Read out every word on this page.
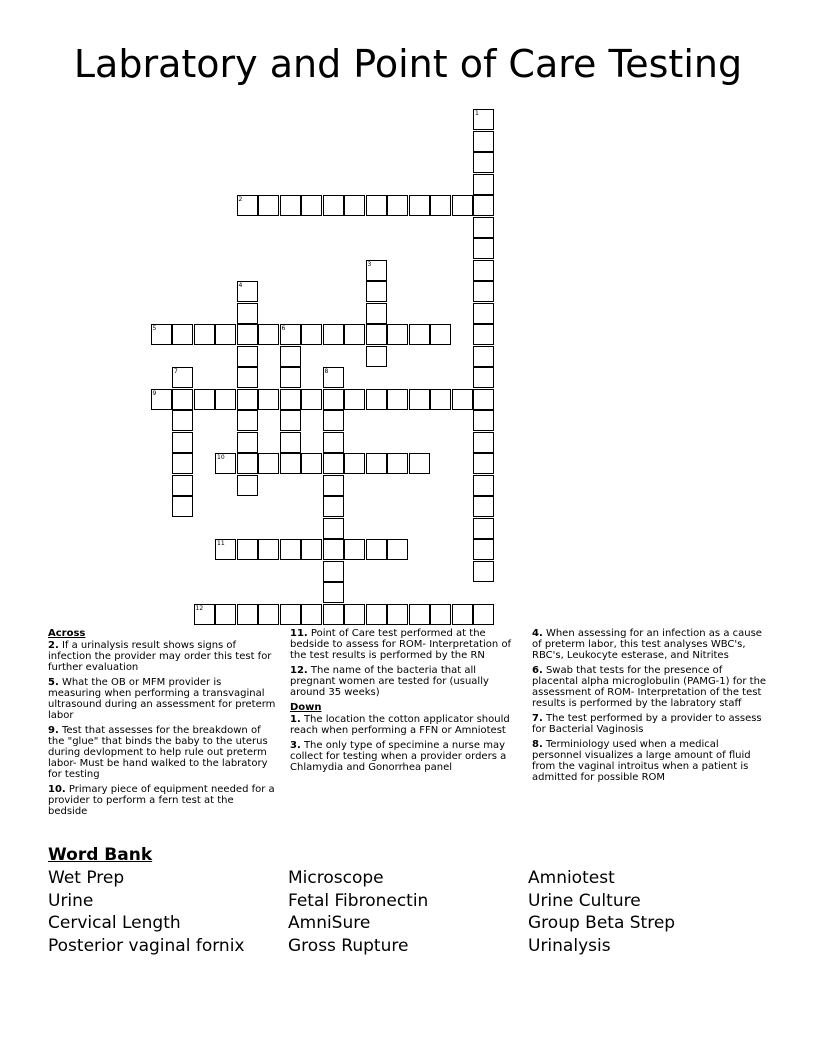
Labratory and Point of Care Testing
1
2
3
4
5	6
7	8
9
10
11
12
Across
2. If a urinalysis result shows signs of infection the provider may order this test for further evaluation
5. What the OB or MFM provider is measuring when performing a transvaginal ultrasound during an assessment for preterm labor
9. Test that assesses for the breakdown of the "glue" that binds the baby to the uterus during devlopment to help rule out preterm labor- Must be hand walked to the labratory for testing
10. Primary piece of equipment needed for a provider to perform a fern test at the bedside
11. Point of Care test performed at the bedside to assess for ROM- Interpretation of the test results is performed by the RN
12. The name of the bacteria that all pregnant women are tested for (usually around 35 weeks)
Down
1. The location the cotton applicator should reach when performing a FFN or Amniotest
3. The only type of specimine a nurse may collect for testing when a provider orders a Chlamydia and Gonorrhea panel
4. When assessing for an infection as a cause of preterm labor, this test analyses WBC's, RBC's, Leukocyte esterase, and Nitrites
6. Swab that tests for the presence of placental alpha microglobulin (PAMG-1) for the assessment of ROM- Interpretation of the test results is performed by the labratory staff
7. The test performed by a provider to assess for Bacterial Vaginosis
8. Terminiology used when a medical personnel visualizes a large amount of fluid from the vaginal introitus when a patient is admitted for possible ROM
Word Bank
Wet Prep
Urine
Cervical Length
Posterior vaginal fornix
Microscope
Fetal Fibronectin
AmniSure
Gross Rupture
Amniotest
Urine Culture
Group Beta Strep
Urinalysis
